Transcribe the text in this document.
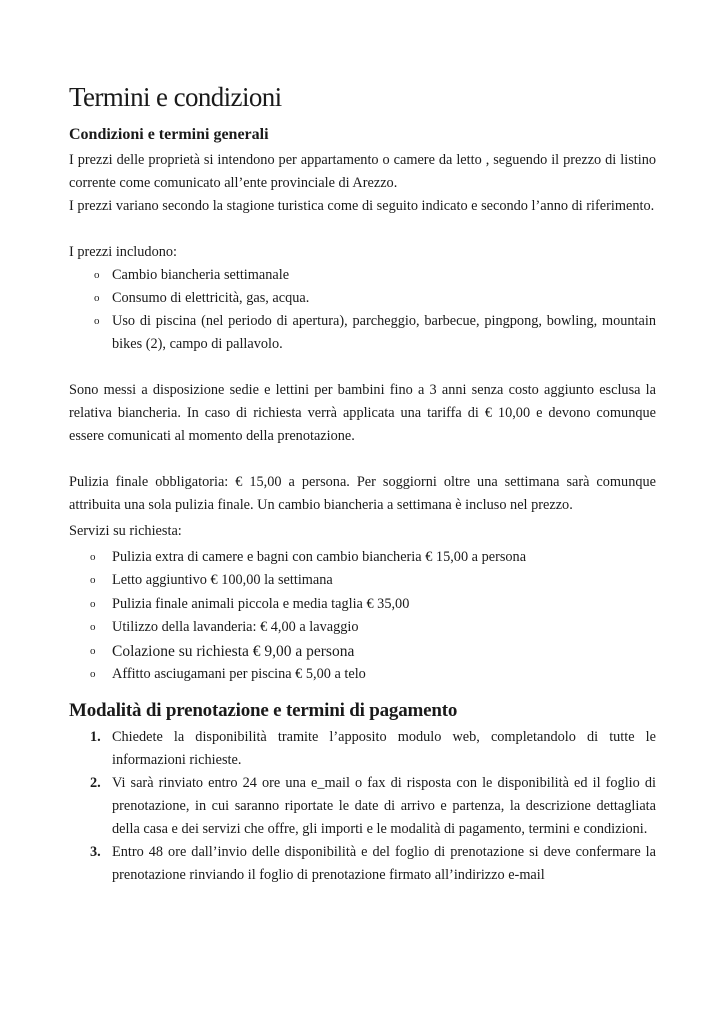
Termini e condizioni
Condizioni e termini generali

I prezzi delle proprietà si intendono per appartamento o camere da letto , seguendo il prezzo di listino corrente come comunicato all’ente provinciale di Arezzo.

I prezzi variano secondo la stagione turistica come di seguito indicato e secondo l’anno di riferimento.

I prezzi includono:

o Cambio biancheria settimanale
o Consumo di elettricità, gas, acqua.
o Uso di piscina (nel periodo di apertura), parcheggio, barbecue, pingpong, bowling, mountain bikes (2), campo di pallavolo.

Sono messi a disposizione sedie e lettini per bambini fino a 3 anni senza costo aggiunto esclusa la relativa biancheria. In caso di richiesta verrà applicata una tariffa di € 10,00 e devono comunque essere comunicati al momento della prenotazione.

Pulizia finale obbligatoria: € 15,00 a persona. Per soggiorni oltre una settimana sarà comunque attribuita una sola pulizia finale. Un cambio biancheria a settimana è incluso nel prezzo.

Servizi su richiesta:

o Pulizia extra di camere e bagni con cambio biancheria € 15,00 a persona
o Letto aggiuntivo € 100,00 la settimana
o Pulizia finale animali piccola e media taglia € 35,00
o Utilizzo della lavanderia: € 4,00 a lavaggio
o Colazione su richiesta € 9,00 a persona
o Affitto asciugamani per piscina € 5,00 a telo
Modalità di prenotazione e termini di pagamento
1. Chiedete la disponibilità tramite l’apposito modulo web, completandolo di tutte le informazioni richieste.
2. Vi sarà rinviato entro 24 ore una e_mail o fax di risposta con le disponibilità ed il foglio di prenotazione, in cui saranno riportate le date di arrivo e partenza, la descrizione dettagliata della casa e dei servizi che offre, gli importi e le modalità di pagamento, termini e condizioni.
3. Entro 48 ore dall’invio delle disponibilità e del foglio di prenotazione si deve confermare la prenotazione rinviando il foglio di prenotazione firmato all’indirizzo e-mail
